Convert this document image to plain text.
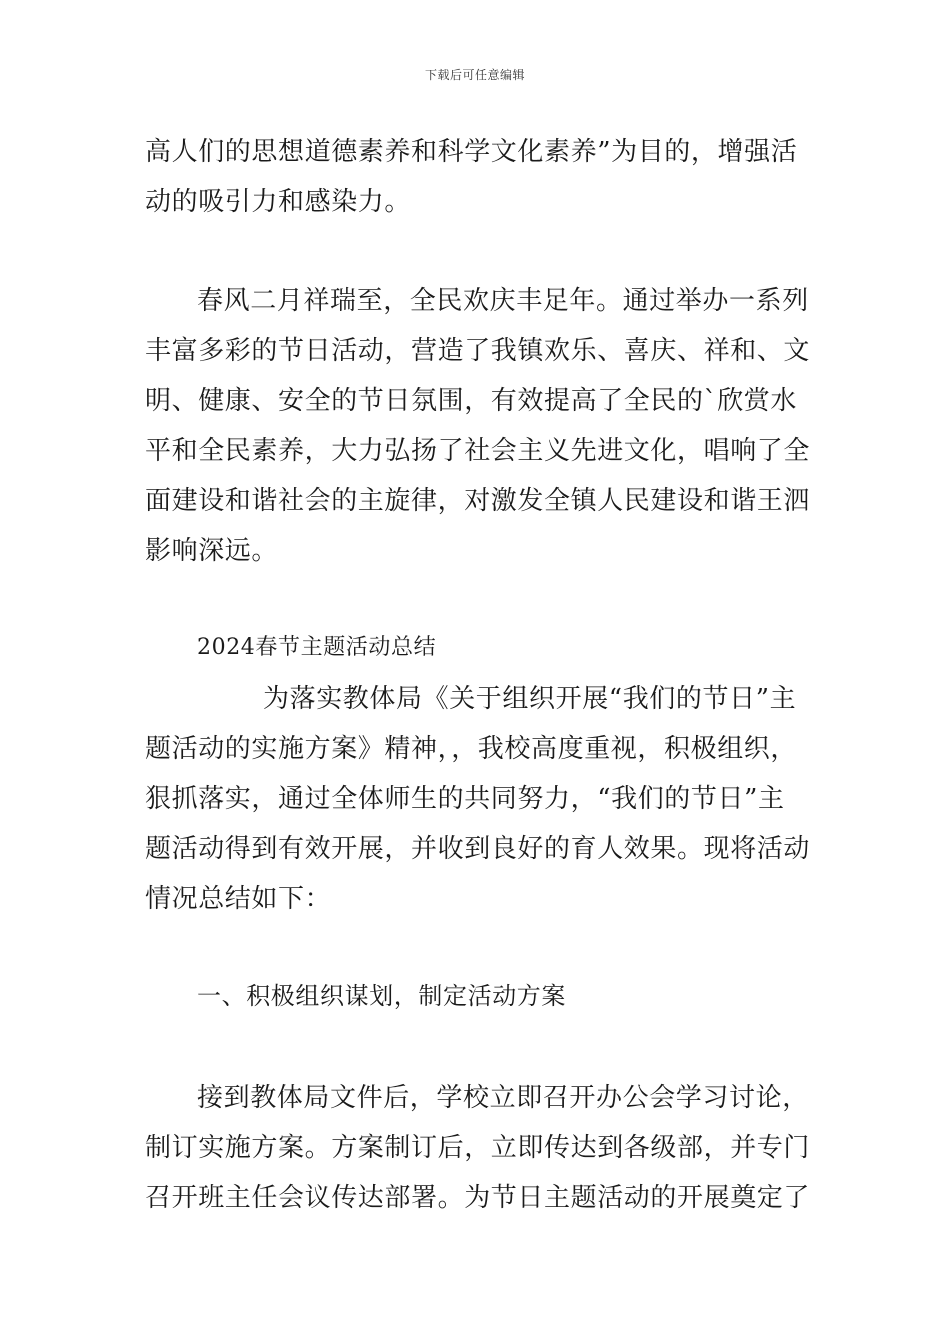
下载后可任意编辑

高人们的思想道德素养和科学文化素养”为目的，增强活动的吸引力和感染力。

春风二月祥瑞至，全民欢庆丰足年。通过举办一系列丰富多彩的节日活动，营造了我镇欢乐、喜庆、祥和、文明、健康、安全的节日氛围，有效提高了全民的`欣赏水平和全民素养，大力弘扬了社会主义先进文化，唱响了全面建设和谐社会的主旋律，对激发全镇人民建设和谐王泗影响深远。

2024春节主题活动总结

为落实教体局《关于组织开展“我们的节日”主题活动的实施方案》精神，，我校高度重视，积极组织，狠抓落实，通过全体师生的共同努力，“我们的节日”主题活动得到有效开展，并收到良好的育人效果。现将活动情况总结如下：

一、积极组织谋划，制定活动方案

接到教体局文件后，学校立即召开办公会学习讨论，制订实施方案。方案制订后，立即传达到各级部，并专门召开班主任会议传达部署。为节日主题活动的开展奠定了
